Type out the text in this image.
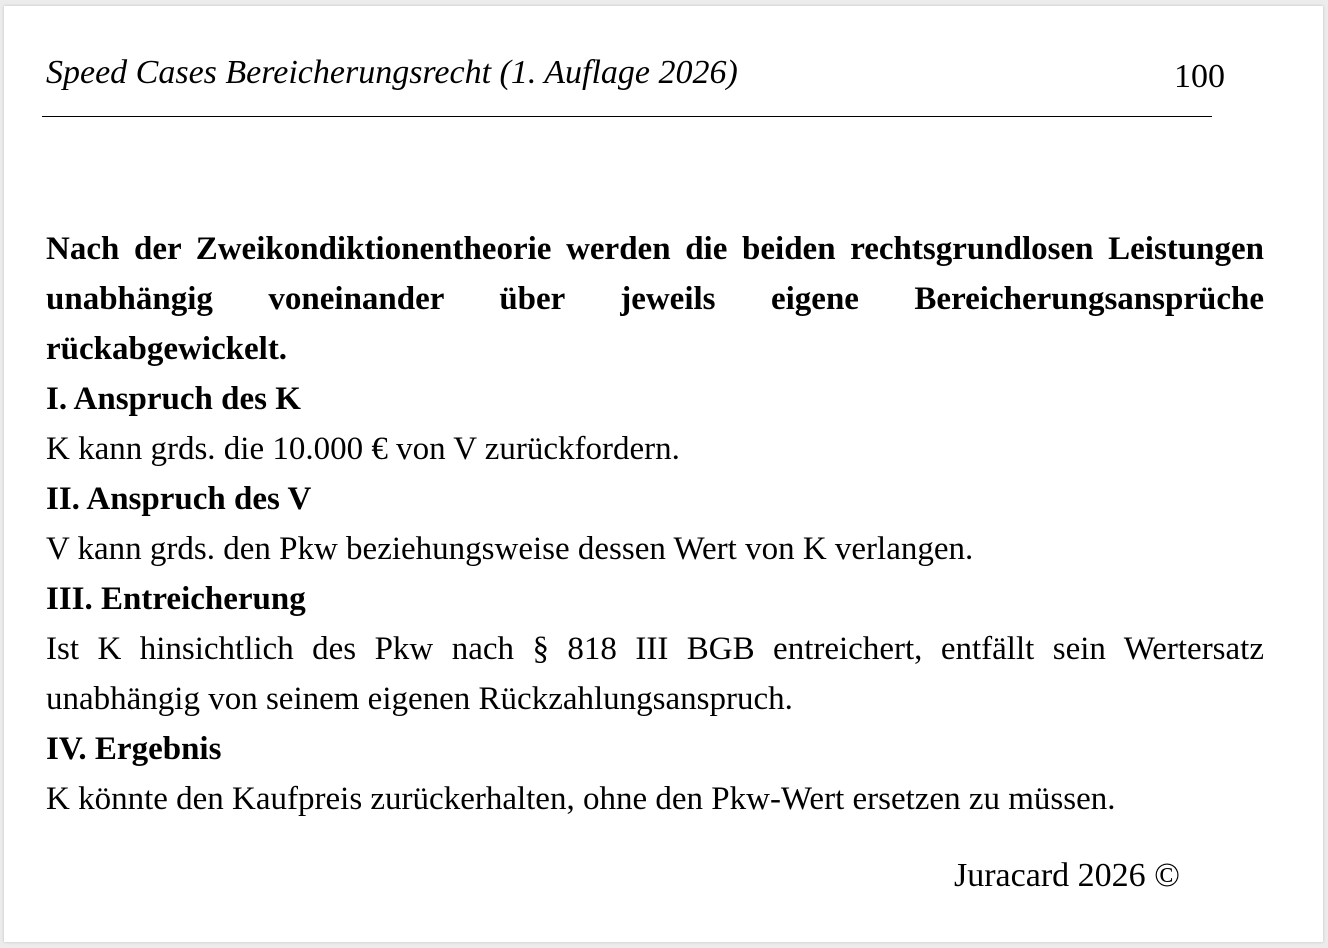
Speed Cases Bereicherungsrecht (1. Auflage 2026)	100

Nach der Zweikondiktionentheorie werden die beiden rechtsgrundlosen Leistungen unabhängig voneinander über jeweils eigene Bereicherungsansprüche rückabgewickelt.

I. Anspruch des K

K kann grds. die 10.000 € von V zurückfordern.

II. Anspruch des V

V kann grds. den Pkw beziehungsweise dessen Wert von K verlangen.

III. Entreicherung

Ist K hinsichtlich des Pkw nach § 818 III BGB entreichert, entfällt sein Wertersatz unabhängig von seinem eigenen Rückzahlungsanspruch.

IV. Ergebnis

K könnte den Kaufpreis zurückerhalten, ohne den Pkw-Wert ersetzen zu müssen.

Juracard 2026 ©
